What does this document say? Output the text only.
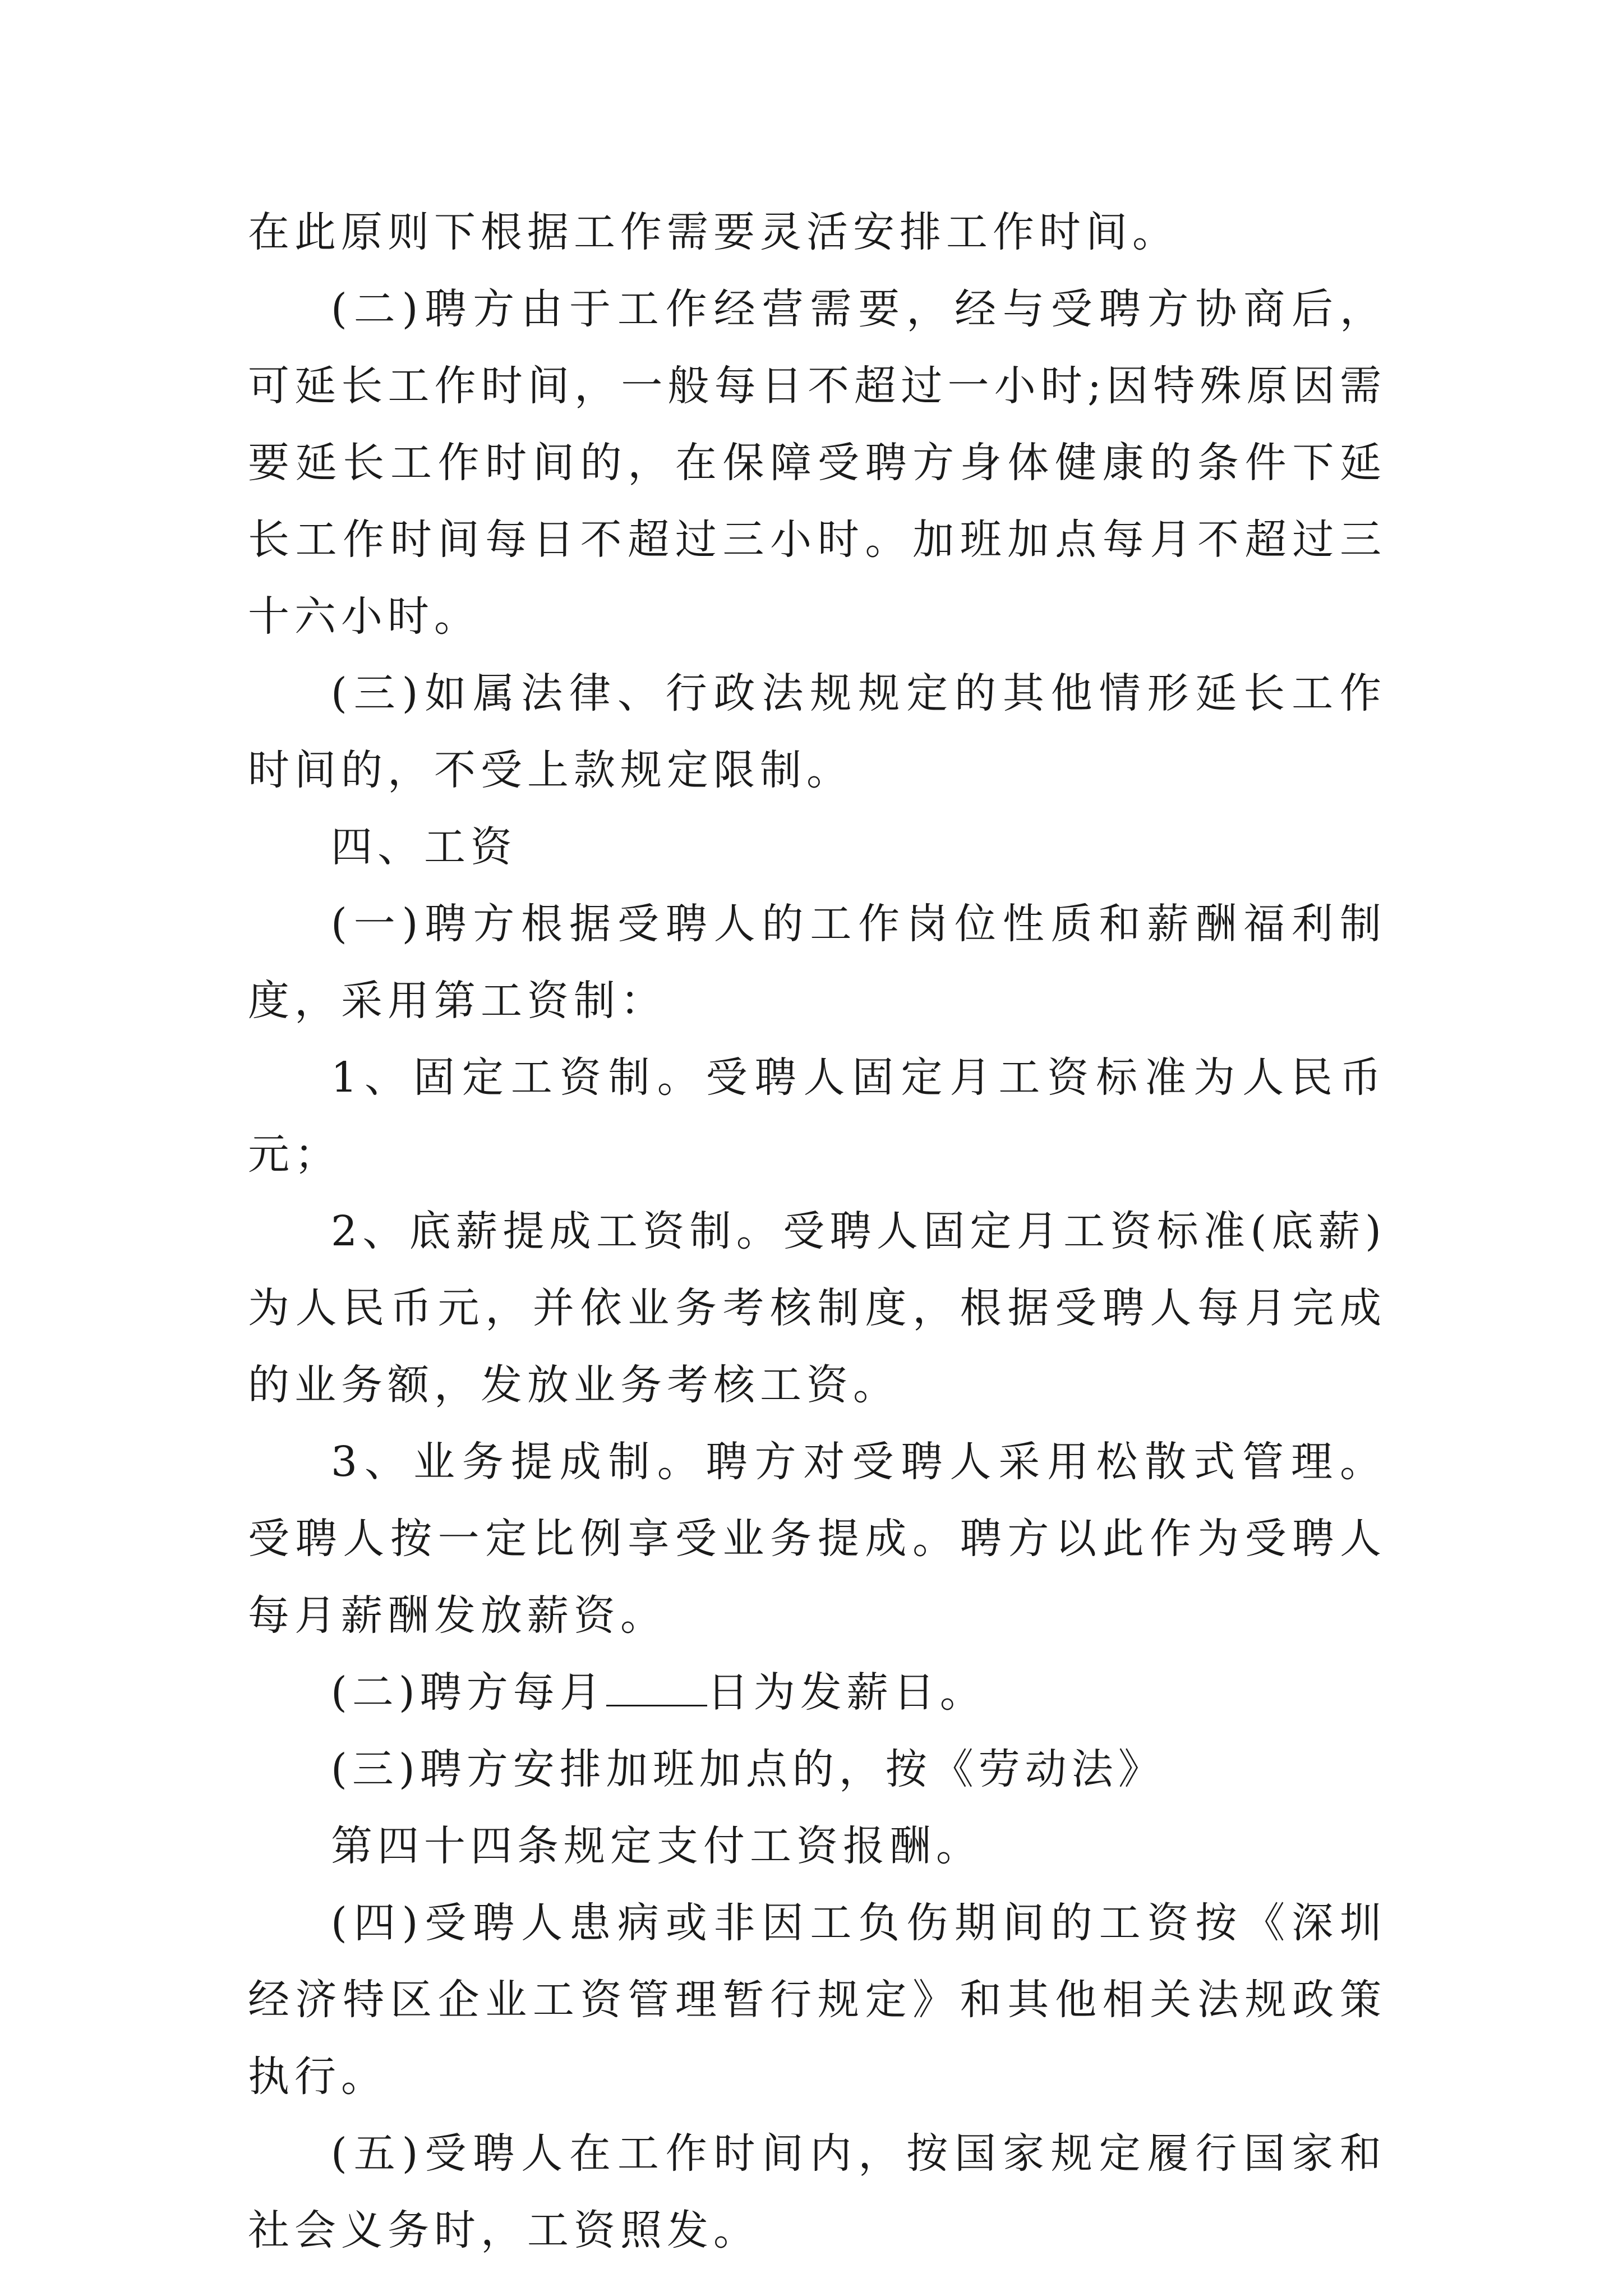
在此原则下根据工作需要灵活安排工作时间。

(二)聘方由于工作经营需要，经与受聘方协商后，可延长工作时间，一般每日不超过一小时;因特殊原因需要延长工作时间的，在保障受聘方身体健康的条件下延长工作时间每日不超过三小时。加班加点每月不超过三十六小时。

(三)如属法律、行政法规规定的其他情形延长工作时间的，不受上款规定限制。

四、工资

(一)聘方根据受聘人的工作岗位性质和薪酬福利制度，采用第工资制：

1、固定工资制。受聘人固定月工资标准为人民币 元；

2、底薪提成工资制。受聘人固定月工资标准(底薪)为人民币元，并依业务考核制度，根据受聘人每月完成的业务额，发放业务考核工资。

3、业务提成制。聘方对受聘人采用松散式管理。受聘人按一定比例享受业务提成。聘方以此作为受聘人每月薪酬发放薪资。

(二)聘方每月 日为发薪日。

(三)聘方安排加班加点的，按《劳动法》

第四十四条规定支付工资报酬。

(四)受聘人患病或非因工负伤期间的工资按《深圳经济特区企业工资管理暂行规定》和其他相关法规政策执行。

(五)受聘人在工作时间内，按国家规定履行国家和社会义务时，工资照发。
